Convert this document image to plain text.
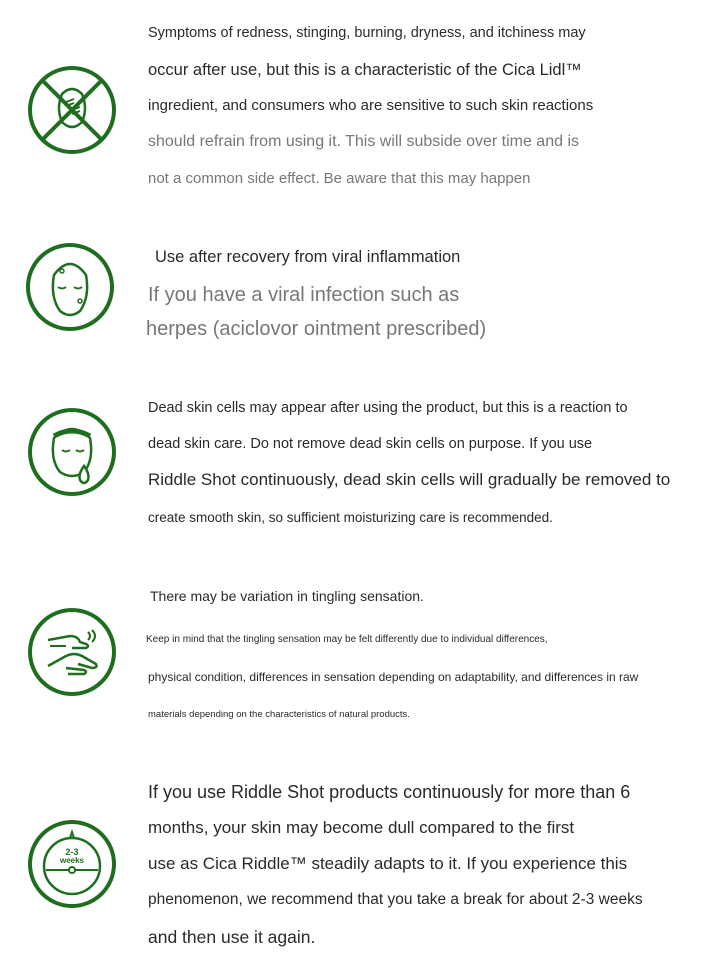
Symptoms of redness, stinging, burning, dryness, and itchiness may

occur after use, but this is a characteristic of the Cica Lidl™

ingredient, and consumers who are sensitive to such skin reactions

should refrain from using it. This will subside over time and is

not a common side effect. Be aware that this may happen

Use after recovery from viral inflammation

If you have a viral infection such as

herpes (aciclovor ointment prescribed)

Dead skin cells may appear after using the product, but this is a reaction to

dead skin care. Do not remove dead skin cells on purpose. If you use

Riddle Shot continuously, dead skin cells will gradually be removed to

create smooth skin, so sufficient moisturizing care is recommended.

There may be variation in tingling sensation.

Keep in mind that the tingling sensation may be felt differently due to individual differences,

physical condition, differences in sensation depending on adaptability, and differences in raw

materials depending on the characteristics of natural products.

2-3
weeks

If you use Riddle Shot products continuously for more than 6

months, your skin may become dull compared to the first

use as Cica Riddle™ steadily adapts to it. If you experience this

phenomenon, we recommend that you take a break for about 2-3 weeks

and then use it again.
